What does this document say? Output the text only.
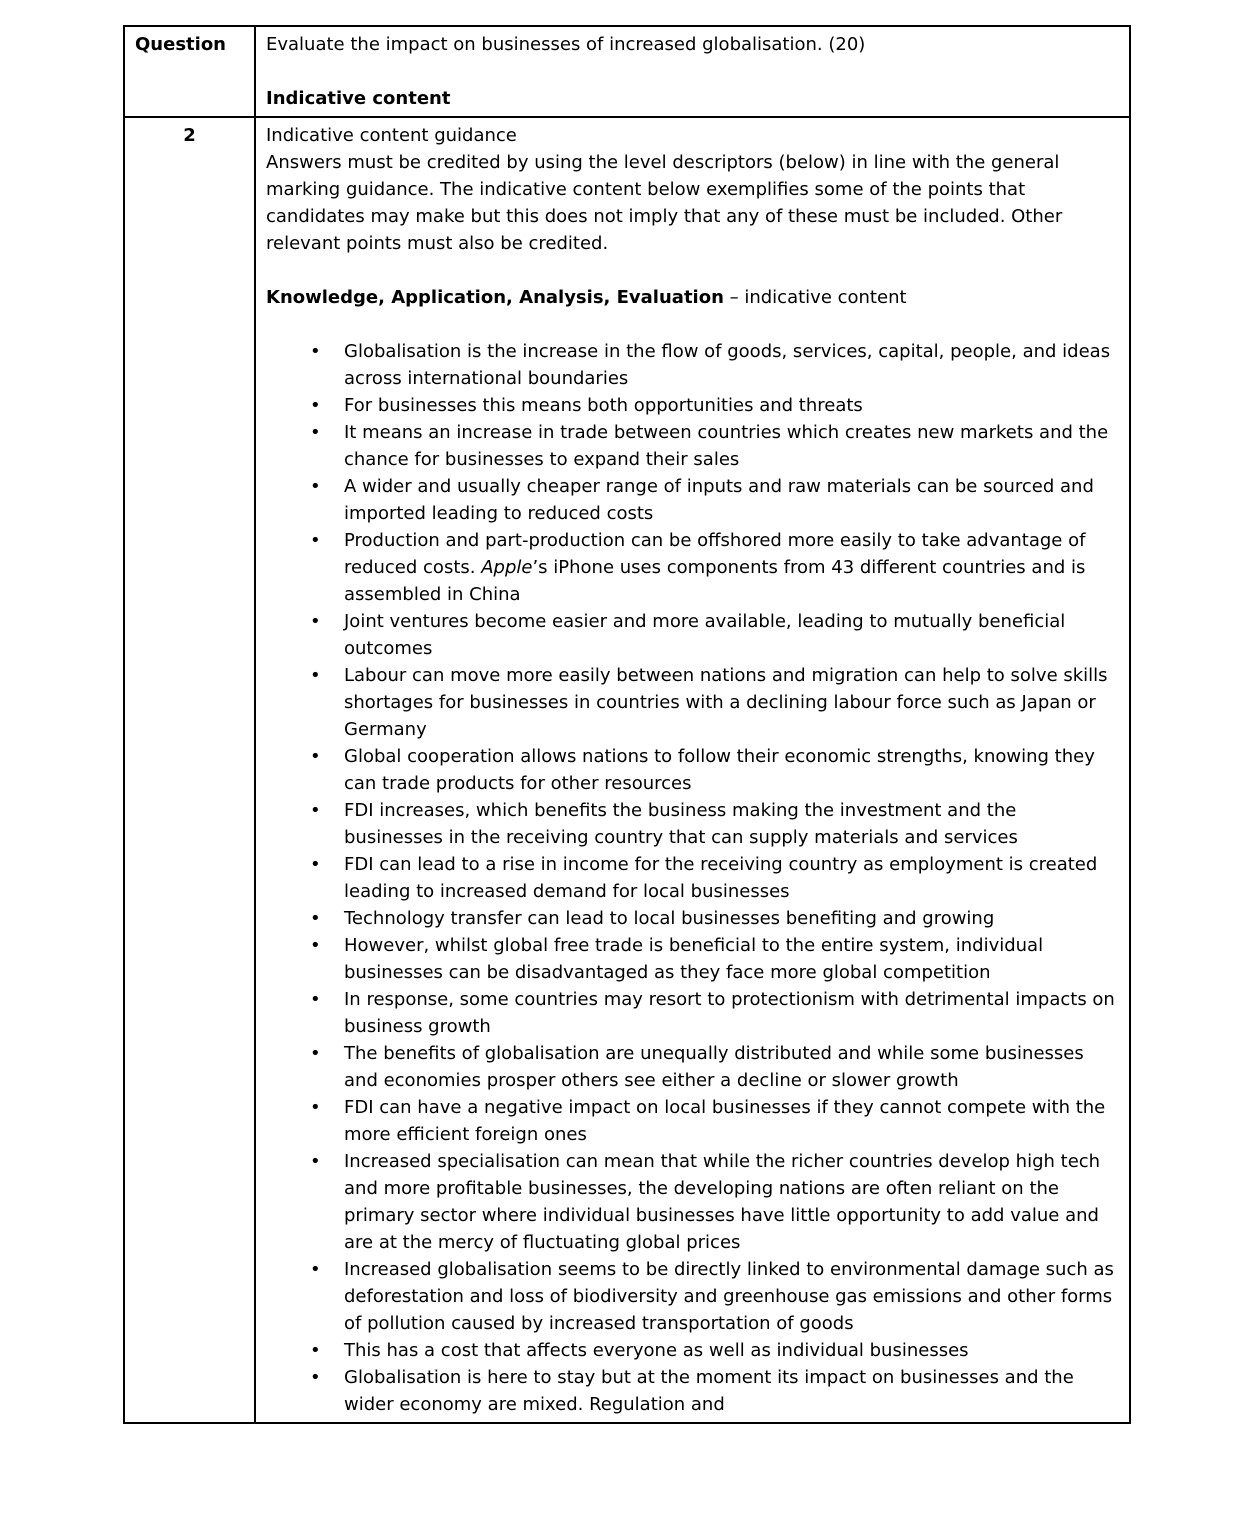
Question	Evaluate the impact on businesses of increased globalisation. (20)

Indicative content

2	Indicative content guidance

Answers must be credited by using the level descriptors (below) in line with the general marking guidance. The indicative content below exemplifies some of the points that candidates may make but this does not imply that any of these must be included. Other relevant points must also be credited.

Knowledge, Application, Analysis, Evaluation – indicative content

• Globalisation is the increase in the flow of goods, services, capital, people, and ideas across international boundaries
• For businesses this means both opportunities and threats
• It means an increase in trade between countries which creates new markets and the chance for businesses to expand their sales
• A wider and usually cheaper range of inputs and raw materials can be sourced and imported leading to reduced costs
• Production and part-production can be offshored more easily to take advantage of reduced costs. Apple’s iPhone uses components from 43 different countries and is assembled in China
• Joint ventures become easier and more available, leading to mutually beneficial outcomes
• Labour can move more easily between nations and migration can help to solve skills shortages for businesses in countries with a declining labour force such as Japan or Germany
• Global cooperation allows nations to follow their economic strengths, knowing they can trade products for other resources
• FDI increases, which benefits the business making the investment and the businesses in the receiving country that can supply materials and services
• FDI can lead to a rise in income for the receiving country as employment is created leading to increased demand for local businesses
• Technology transfer can lead to local businesses benefiting and growing
• However, whilst global free trade is beneficial to the entire system, individual businesses can be disadvantaged as they face more global competition
• In response, some countries may resort to protectionism with detrimental impacts on business growth
• The benefits of globalisation are unequally distributed and while some businesses and economies prosper others see either a decline or slower growth
• FDI can have a negative impact on local businesses if they cannot compete with the more efficient foreign ones
• Increased specialisation can mean that while the richer countries develop high tech and more profitable businesses, the developing nations are often reliant on the primary sector where individual businesses have little opportunity to add value and are at the mercy of fluctuating global prices
• Increased globalisation seems to be directly linked to environmental damage such as deforestation and loss of biodiversity and greenhouse gas emissions and other forms of pollution caused by increased transportation of goods
• This has a cost that affects everyone as well as individual businesses
• Globalisation is here to stay but at the moment its impact on businesses and the wider economy are mixed. Regulation and
